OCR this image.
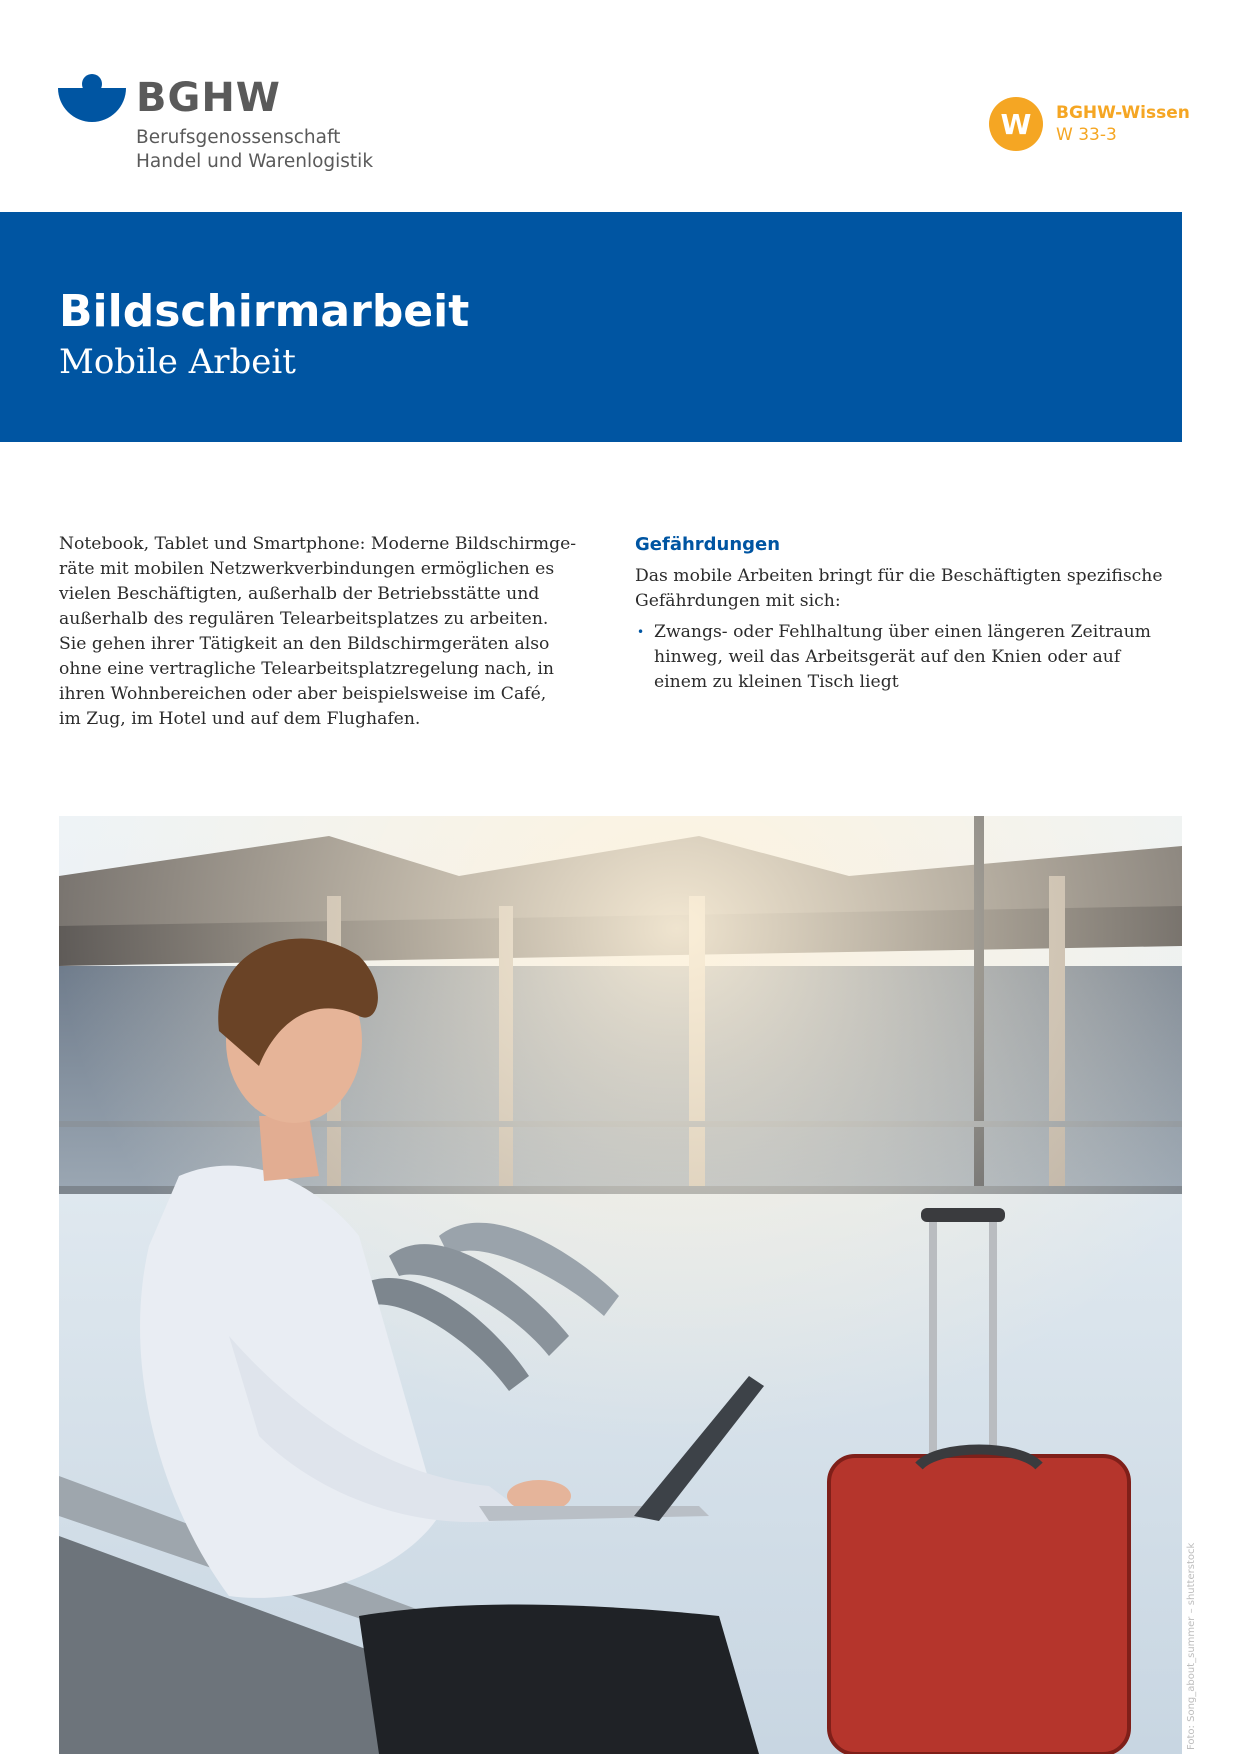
BGHW
Berufsgenossenschaft
Handel und Warenlogistik
W	BGHW-Wissen
W 33-3
Bildschirmarbeit
Mobile Arbeit
Notebook, Tablet und Smartphone: Moderne Bildschirmge-
räte mit mobilen Netzwerkverbindungen ermöglichen es
vielen Beschäftigten, außerhalb der Betriebsstätte und
außerhalb des regulären Telearbeitsplatzes zu arbeiten.
Sie gehen ihrer Tätigkeit an den Bildschirmgeräten also
ohne eine vertragliche Telearbeitsplatzregelung nach, in
ihren Wohnbereichen oder aber beispielsweise im Café,
im Zug, im Hotel und auf dem Flughafen.
Gefährdungen
Das mobile Arbeiten bringt für die Beschäftigten spezifische
Gefährdungen mit sich:
• Zwangs- oder Fehlhaltung über einen längeren Zeitraum
hinweg, weil das Arbeitsgerät auf den Knien oder auf
einem zu kleinen Tisch liegt
Foto: Song_about_summer – shutterstock
